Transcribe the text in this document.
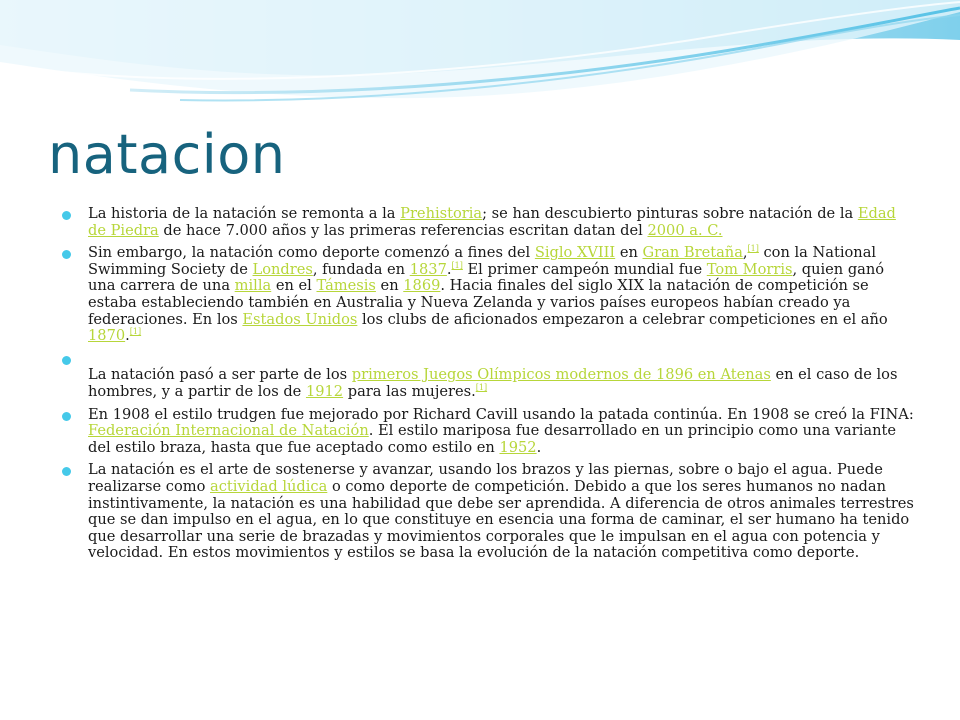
natacion
La historia de la natación se remonta a la Prehistoria; se han descubierto pinturas sobre natación de la Edad de Piedra de hace 7.000 años y las primeras referencias escritan datan del 2000 a. C.
Sin embargo, la natación como deporte comenzó a fines del Siglo XVIII en Gran Bretaña,[1] con la National Swimming Society de Londres, fundada en 1837.[1] El primer campeón mundial fue Tom Morris, quien ganó una carrera de una milla en el Támesis en 1869. Hacia finales del siglo XIX la natación de competición se estaba estableciendo también en Australia y Nueva Zelanda y varios países europeos habían creado ya federaciones. En los Estados Unidos los clubs de aficionados empezaron a celebrar competiciones en el año 1870.[1]
La natación pasó a ser parte de los primeros Juegos Olímpicos modernos de 1896 en Atenas en el caso de los hombres, y a partir de los de 1912 para las mujeres.[1]
En 1908 el estilo trudgen fue mejorado por Richard Cavill usando la patada continúa. En 1908 se creó la FINA: Federación Internacional de Natación. El estilo mariposa fue desarrollado en un principio como una variante del estilo braza, hasta que fue aceptado como estilo en 1952.
La natación es el arte de sostenerse y avanzar, usando los brazos y las piernas, sobre o bajo el agua. Puede realizarse como actividad lúdica o como deporte de competición. Debido a que los seres humanos no nadan instintivamente, la natación es una habilidad que debe ser aprendida. A diferencia de otros animales terrestres que se dan impulso en el agua, en lo que constituye en esencia una forma de caminar, el ser humano ha tenido que desarrollar una serie de brazadas y movimientos corporales que le impulsan en el agua con potencia y velocidad. En estos movimientos y estilos se basa la evolución de la natación competitiva como deporte.
